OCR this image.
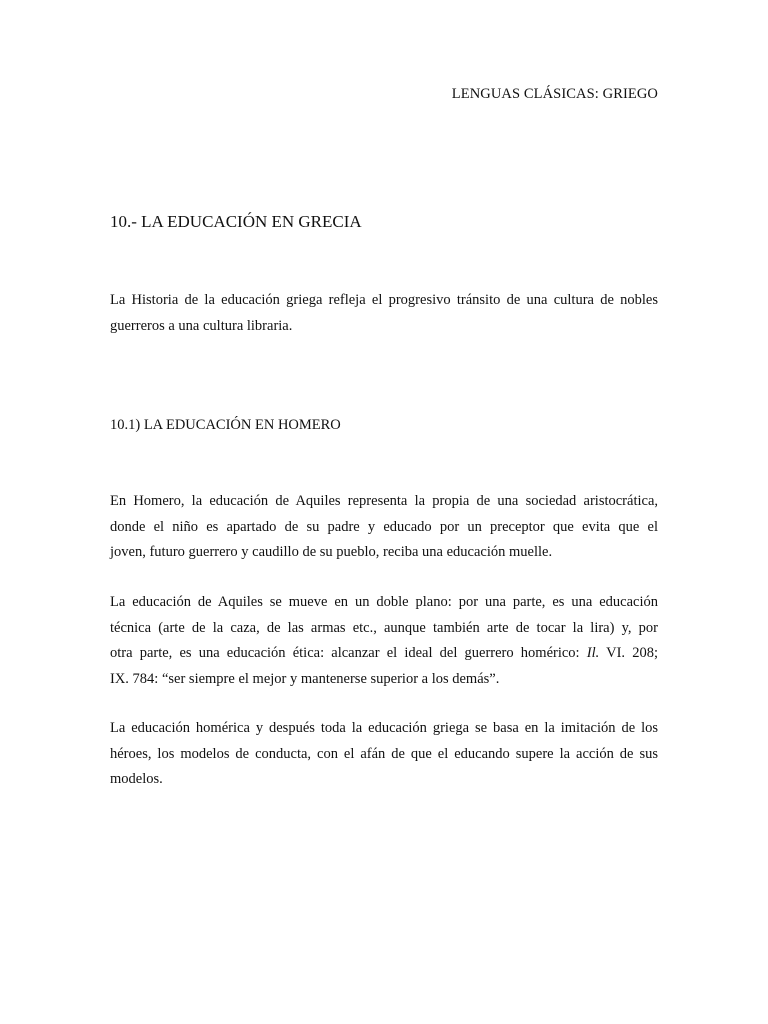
LENGUAS CLÁSICAS: GRIEGO
10.- LA EDUCACIÓN EN GRECIA

La Historia de la educación griega refleja el progresivo tránsito de una cultura de nobles
guerreros a una cultura libraria.

10.1) LA EDUCACIÓN EN HOMERO

En Homero, la educación de Aquiles representa la propia de una sociedad aristocrática,
donde el niño es apartado de su padre y educado por un preceptor que evita que el
joven, futuro guerrero y caudillo de su pueblo, reciba una educación muelle.

La educación de Aquiles se mueve en un doble plano: por una parte, es una educación
técnica (arte de la caza, de las armas etc., aunque también arte de tocar la lira) y, por
otra parte, es una educación ética: alcanzar el ideal del guerrero homérico: Il. VI. 208;
IX. 784: “ser siempre el mejor y mantenerse superior a los demás”.

La educación homérica y después toda la educación griega se basa en la imitación de los
héroes, los modelos de conducta, con el afán de que el educando supere la acción de sus
modelos.
